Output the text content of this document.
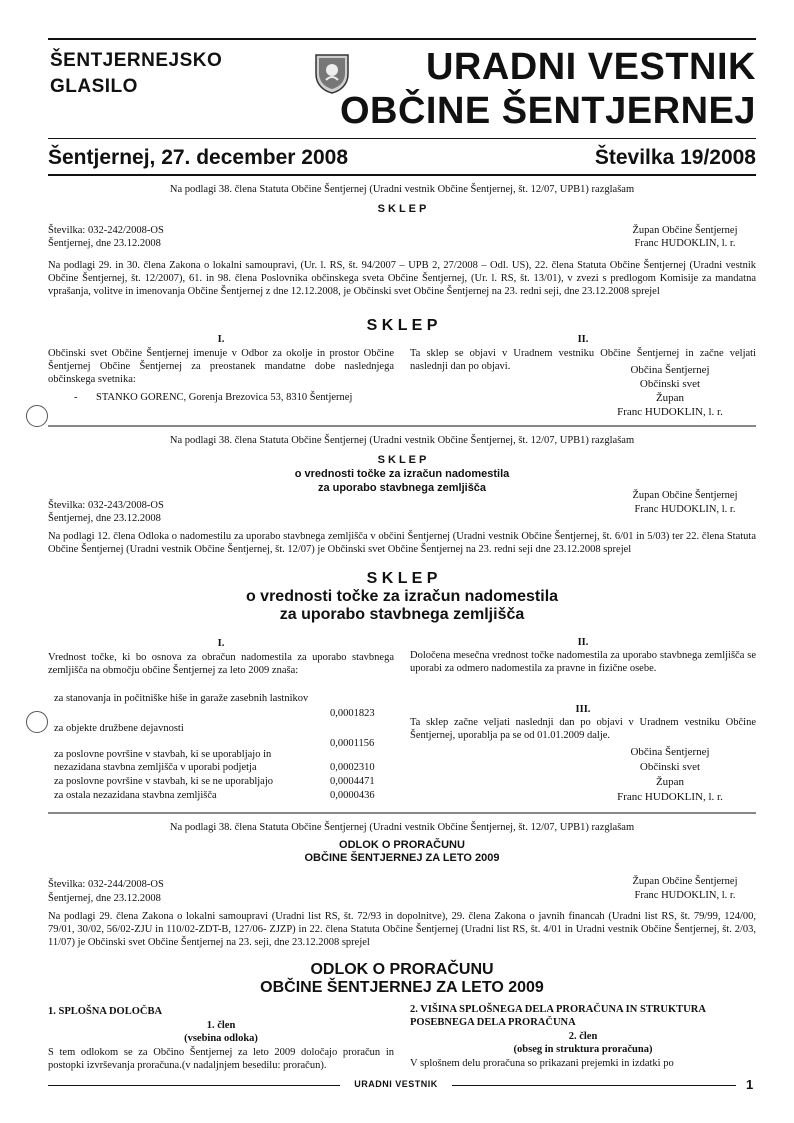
ŠENTJERNEJSKO
GLASILO	URADNI VESTNIK
OBČINE ŠENTJERNEJ
Šentjernej, 27. december 2008	Številka 19/2008
Na podlagi 38. člena Statuta Občine Šentjernej (Uradni vestnik Občine Šentjernej, št. 12/07, UPB1) razglašam
S K L E P
Številka: 032-242/2008-OS
Šentjernej, dne 23.12.2008
Župan Občine Šentjernej
Franc HUDOKLIN, l. r.
Na podlagi 29. in 30. člena Zakona o lokalni samoupravi, (Ur. l. RS, št. 94/2007 – UPB 2, 27/2008 – Odl. US), 22. člena Statuta Občine Šentjernej (Uradni vestnik Občine Šentjernej, št. 12/2007), 61. in 98. člena Poslovnika občinskega sveta Občine Šentjernej, (Ur. l. RS, št. 13/01), v zvezi s predlogom Komisije za mandatna vprašanja, volitve in imenovanja Občine Šentjernej z dne 12.12.2008, je Občinski svet Občine Šentjernej na 23. redni seji, dne 23.12.2008 sprejel
S K L E P
I.
Občinski svet Občine Šentjernej imenuje v Odbor za okolje in prostor Občine Šentjernej Občine Šentjernej za preostanek mandatne dobe naslednjega občinskega svetnika:
- STANKO GORENC, Gorenja Brezovica 53, 8310 Šentjernej
II.
Ta sklep se objavi v Uradnem vestniku Občine Šentjernej in začne veljati naslednji dan po objavi.	Občina Šentjernej
Občinski svet
Župan
Franc HUDOKLIN, l. r.
Na podlagi 38. člena Statuta Občine Šentjernej (Uradni vestnik Občine Šentjernej, št. 12/07, UPB1) razglašam
S K L E P
o vrednosti točke za izračun nadomestila
za uporabo stavbnega zemljišča
Številka: 032-243/2008-OS
Šentjernej, dne 23.12.2008
Župan Občine Šentjernej
Franc HUDOKLIN, l. r.
Na podlagi 12. člena Odloka o nadomestilu za uporabo stavbnega zemljišča v občini Šentjernej (Uradni vestnik Občine Šentjernej, št. 6/01 in 5/03) ter 22. člena Statuta Občine Šentjernej (Uradni vestnik Občine Šentjernej, št. 12/07) je Občinski svet Občine Šentjernej na 23. redni seji dne 23.12.2008 sprejel
S K L E P
o vrednosti točke za izračun nadomestila
za uporabo stavbnega zemljišča
I.
Vrednost točke, ki bo osnova za obračun nadomestila za uporabo stavbnega zemljišča na območju občine Šentjernej za leto 2009 znaša:
za stanovanja in počitniške hiše in garaže zasebnih lastnikov
0,0001823
za objekte družbene dejavnosti
0,0001156
za poslovne površine v stavbah, ki se uporabljajo in nezazidana stavbna zemljišča v uporabi podjetja	0,0002310
za poslovne površine v stavbah, ki se ne uporabljajo	0,0004471
za ostala nezazidana stavbna zemljišča	0,0000436
II.
Določena mesečna vrednost točke nadomestila za uporabo stavbnega zemljišča se uporabi za odmero nadomestila za pravne in fizične osebe.
III.
Ta sklep začne veljati naslednji dan po objavi v Uradnem vestniku Občine Šentjernej, uporablja pa se od 01.01.2009 dalje.
Občina Šentjernej
Občinski svet
Župan
Franc HUDOKLIN, l. r.
Na podlagi 38. člena Statuta Občine Šentjernej (Uradni vestnik Občine Šentjernej, št. 12/07, UPB1) razglašam
ODLOK O PRORAČUNU
OBČINE ŠENTJERNEJ ZA LETO 2009
Številka: 032-244/2008-OS
Šentjernej, dne 23.12.2008
Župan Občine Šentjernej
Franc HUDOKLIN, l. r.
Na podlagi 29. člena Zakona o lokalni samoupravi (Uradni list RS, št. 72/93 in dopolnitve), 29. člena Zakona o javnih financah (Uradni list RS, št. 79/99, 124/00, 79/01, 30/02, 56/02-ZJU in 110/02-ZDT-B, 127/06- ZJZP) in 22. člena Statuta Občine Šentjernej (Uradni list RS, št. 4/01 in Uradni vestnik Občine Šentjernej, št. 2/03, 11/07) je Občinski svet Občine Šentjernej na 23. seji, dne 23.12.2008 sprejel
ODLOK O PRORAČUNU
OBČINE ŠENTJERNEJ ZA LETO 2009
1. SPLOŠNA DOLOČBA
1. člen
(vsebina odloka)
S tem odlokom se za Občino Šentjernej za leto 2009 določajo proračun in postopki izvrševanja proračuna.(v nadaljnjem besedilu: proračun).
2. VIŠINA SPLOŠNEGA DELA PRORAČUNA IN STRUKTURA POSEBNEGA DELA PRORAČUNA
2. člen
(obseg in struktura proračuna)
V splošnem delu proračuna so prikazani prejemki in izdatki po
URADNI VESTNIK	1
